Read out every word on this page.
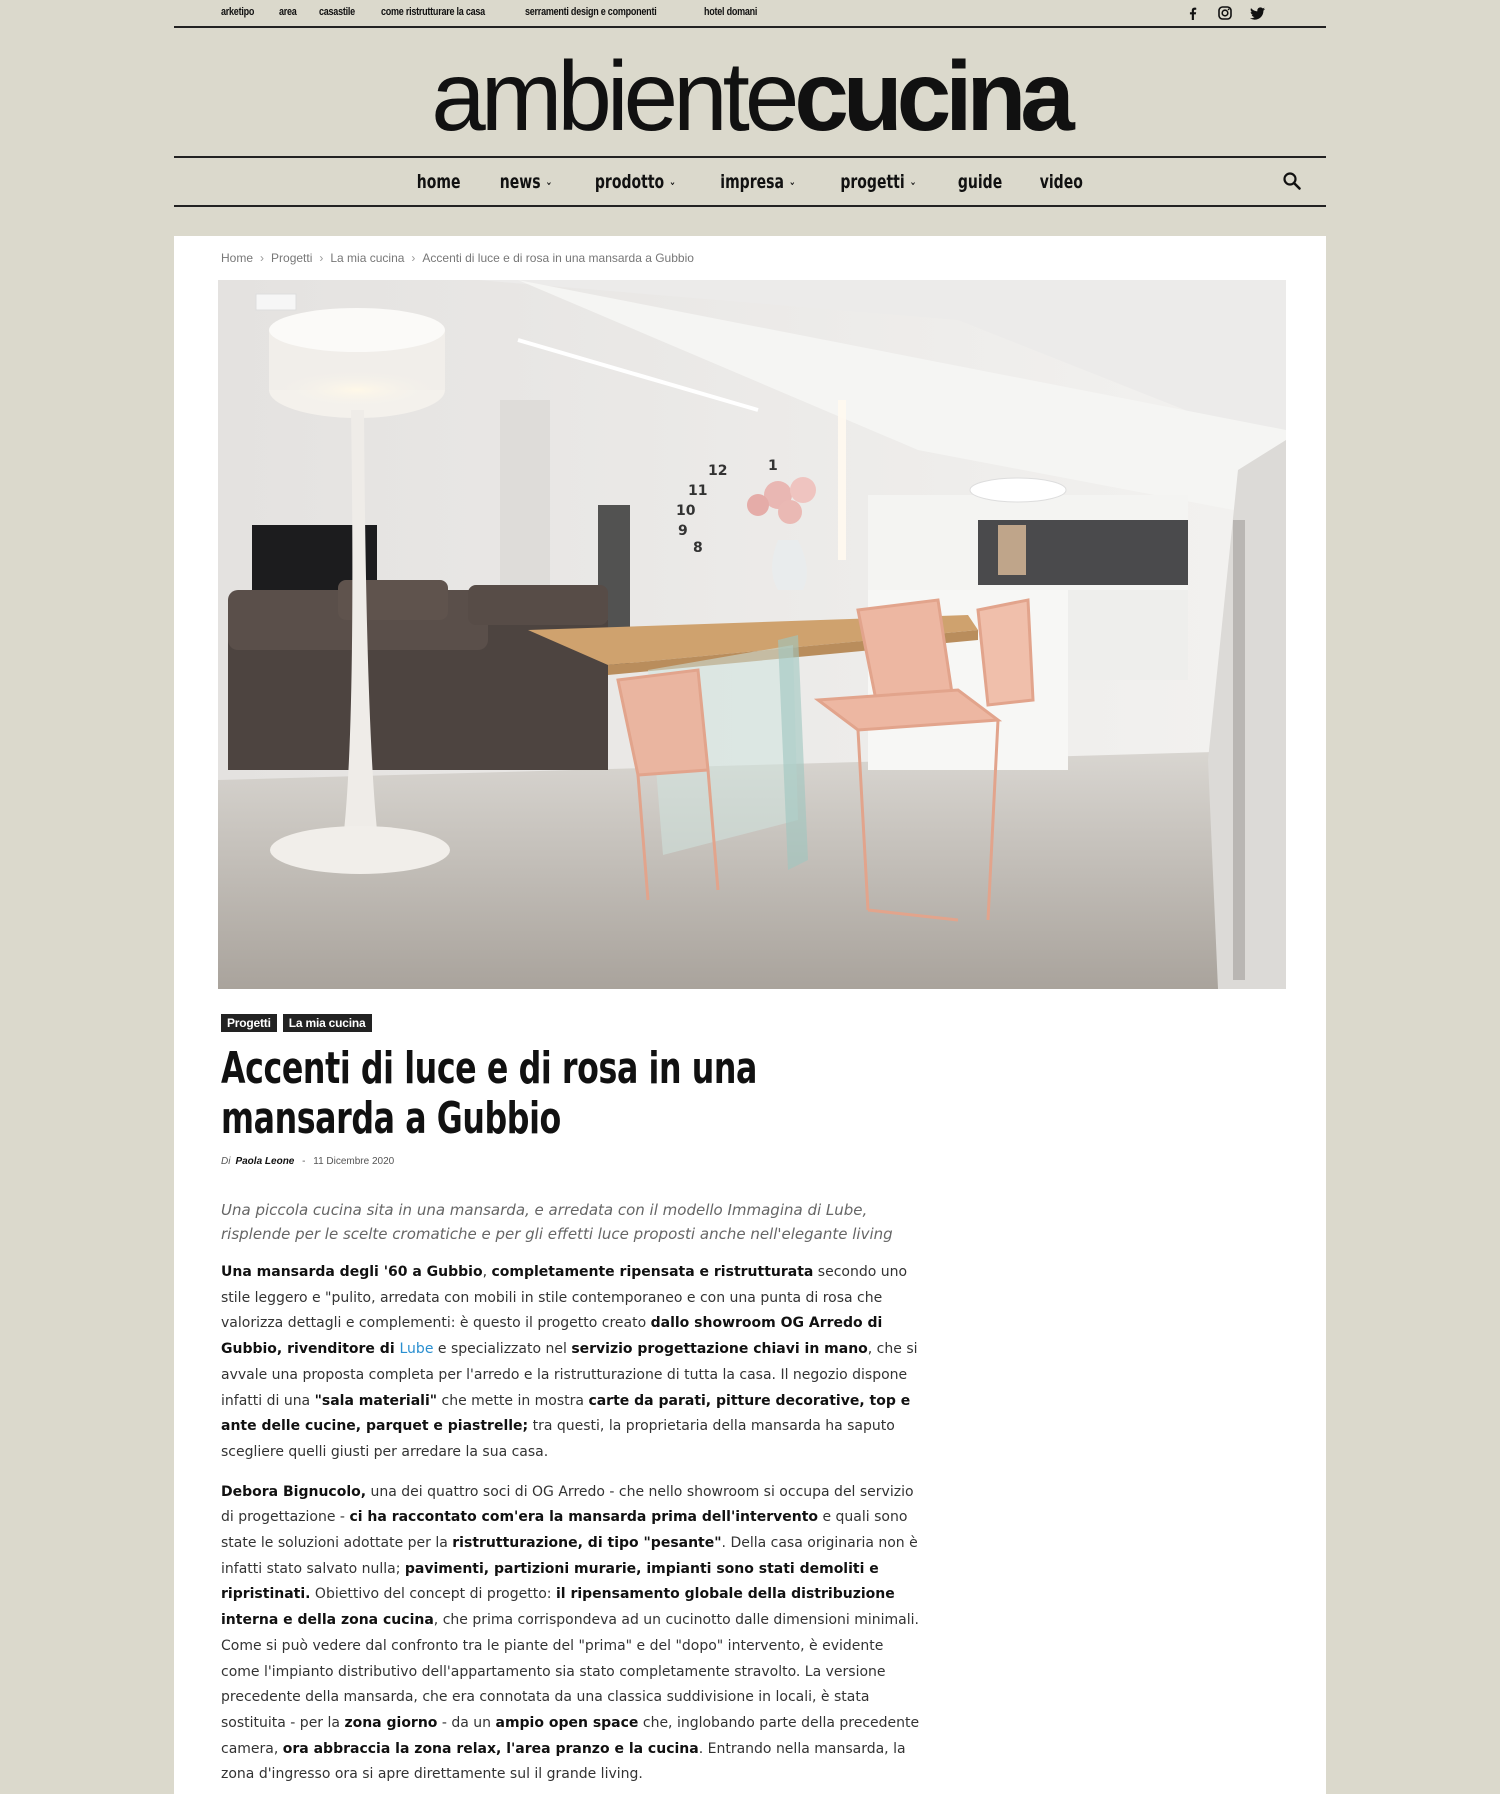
arketipo area casastile come ristrutturare la casa	serramenti design e componenti	hotel domani
ambientecucina
home news ⌄ prodotto ⌄ impresa ⌄ progetti ⌄ guide video
Home › Progetti › La mia cucina › Accenti di luce e di rosa in una mansarda a Gubbio
12
11
10
9
8
1
Progetti	La mia cucina
Accenti di luce e di rosa in una mansarda a Gubbio
Di Paola Leone - 11 Dicembre 2020

Una piccola cucina sita in una mansarda, e arredata con il modello Immagina di Lube, risplende per le scelte cromatiche e per gli effetti luce proposti anche nell'elegante living

Una mansarda degli '60 a Gubbio, completamente ripensata e ristrutturata secondo uno stile leggero e "pulito, arredata con mobili in stile contemporaneo e con una punta di rosa che valorizza dettagli e complementi: è questo il progetto creato dallo showroom OG Arredo di Gubbio, rivenditore di Lube e specializzato nel servizio progettazione chiavi in mano, che si avvale una proposta completa per l'arredo e la ristrutturazione di tutta la casa. Il negozio dispone infatti di una "sala materiali" che mette in mostra carte da parati, pitture decorative, top e ante delle cucine, parquet e piastrelle; tra questi, la proprietaria della mansarda ha saputo scegliere quelli giusti per arredare la sua casa.

Debora Bignucolo, una dei quattro soci di OG Arredo - che nello showroom si occupa del servizio di progettazione - ci ha raccontato com'era la mansarda prima dell'intervento e quali sono state le soluzioni adottate per la ristrutturazione, di tipo "pesante". Della casa originaria non è infatti stato salvato nulla; pavimenti, partizioni murarie, impianti sono stati demoliti e ripristinati. Obiettivo del concept di progetto: il ripensamento globale della distribuzione interna e della zona cucina, che prima corrispondeva ad un cucinotto dalle dimensioni minimali. Come si può vedere dal confronto tra le piante del "prima" e del "dopo" intervento, è evidente come l'impianto distributivo dell'appartamento sia stato completamente stravolto. La versione precedente della mansarda, che era connotata da una classica suddivisione in locali, è stata sostituita - per la zona giorno - da un ampio open space che, inglobando parte della precedente camera, ora abbraccia la zona relax, l'area pranzo e la cucina. Entrando nella mansarda, la zona d'ingresso ora si apre direttamente sul il grande living.
